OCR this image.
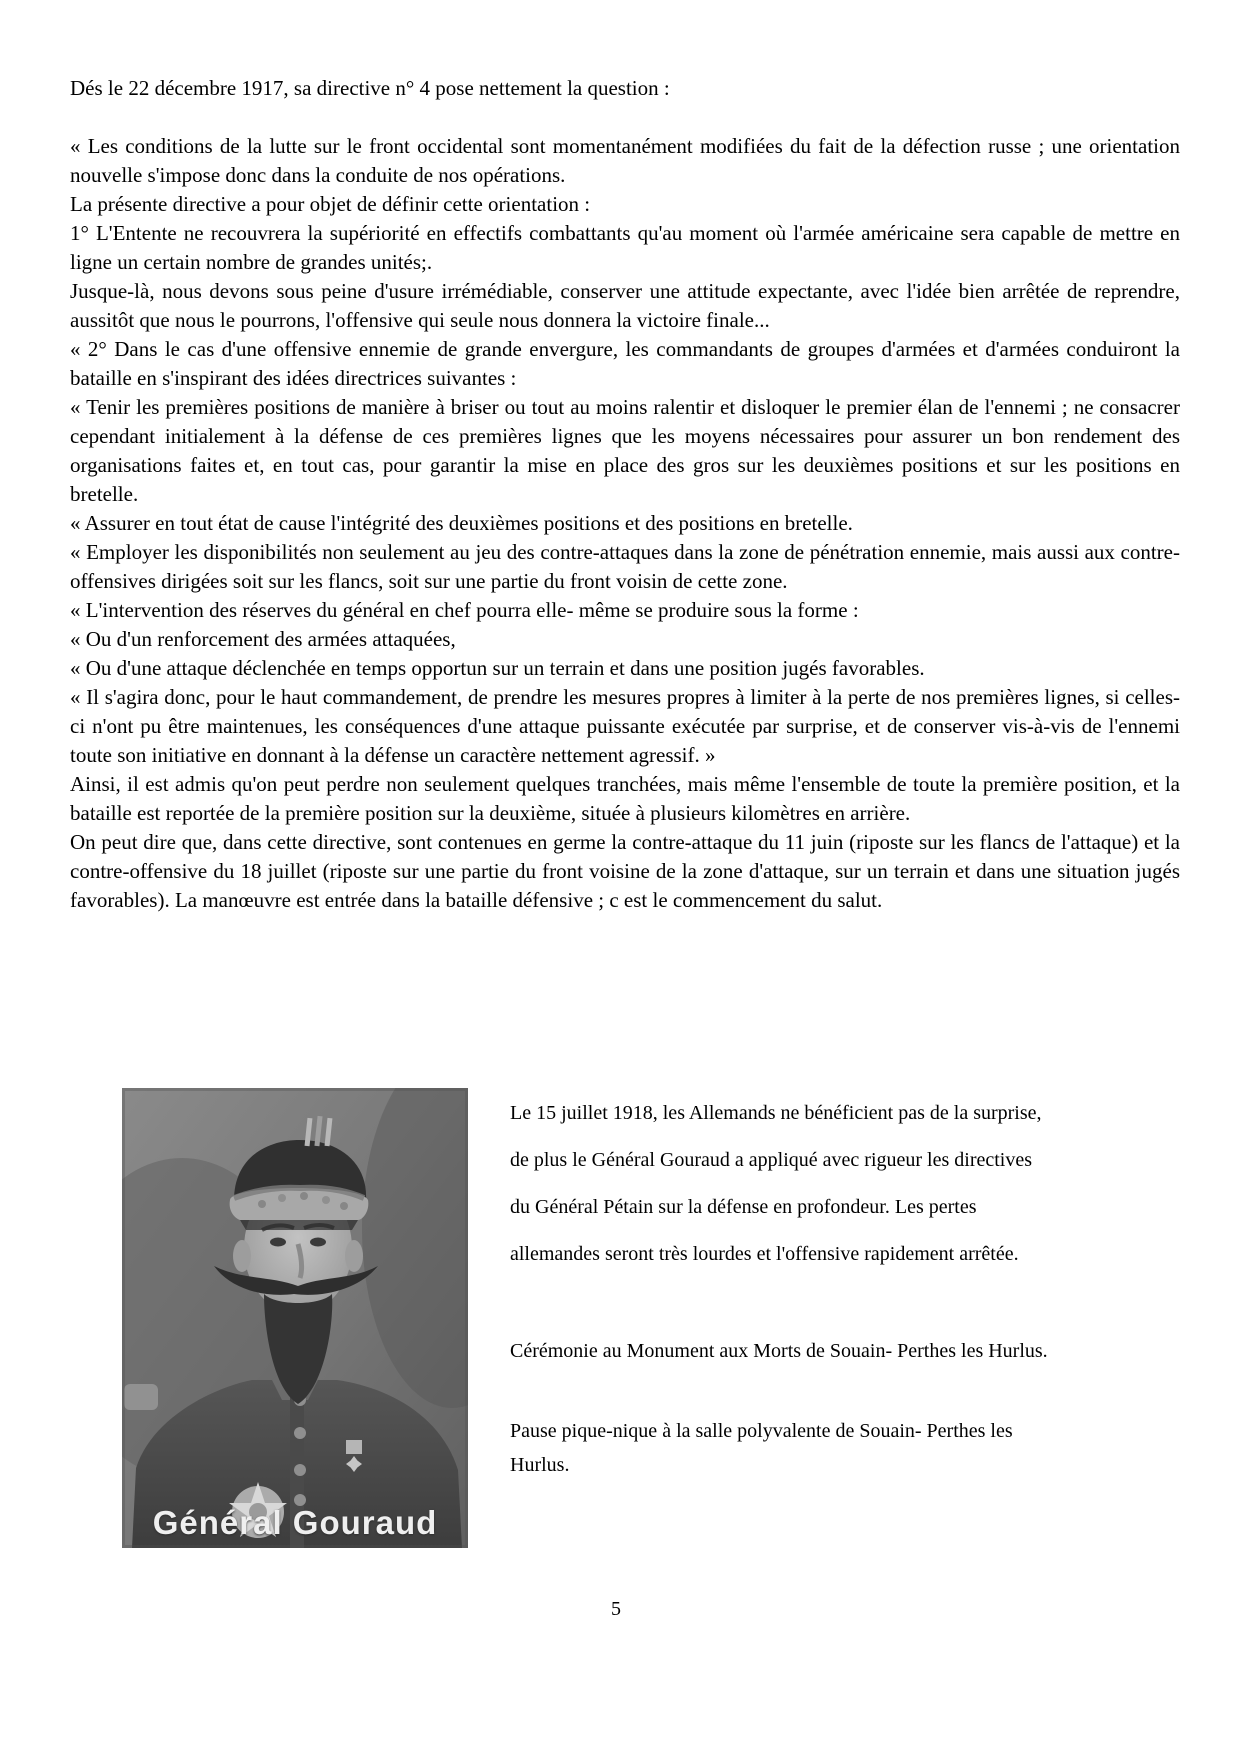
Dés le 22 décembre 1917, sa directive n° 4 pose nettement la question :

« Les conditions de la lutte sur le front occidental sont momentanément modifiées du fait de la défection russe ; une orientation nouvelle s'impose donc dans la conduite de nos opérations.

La présente directive a pour objet de définir cette orientation :

1° L'Entente ne recouvrera la supériorité en effectifs combattants qu'au moment où l'armée américaine sera capable de mettre en ligne un certain nombre de grandes unités;.

Jusque-là, nous devons sous peine d'usure irrémédiable, conserver une attitude expectante, avec l'idée bien arrêtée de reprendre, aussitôt que nous le pourrons, l'offensive qui seule nous donnera la victoire finale...

« 2° Dans le cas d'une offensive ennemie de grande envergure, les commandants de groupes d'armées et d'armées conduiront la bataille en s'inspirant des idées directrices suivantes :

« Tenir les premières positions de manière à briser ou tout au moins ralentir et disloquer le premier élan de l'ennemi ; ne consacrer cependant initialement à la défense de ces premières lignes que les moyens nécessaires pour assurer un bon rendement des organisations faites et, en tout cas, pour garantir la mise en place des gros sur les deuxièmes positions et sur les positions en bretelle.

« Assurer en tout état de cause l'intégrité des deuxièmes positions et des positions en bretelle.

« Employer les disponibilités non seulement au jeu des contre-attaques dans la zone de pénétration ennemie, mais aussi aux contre-offensives dirigées soit sur les flancs, soit sur une partie du front voisin de cette zone.

« L'intervention des réserves du général en chef pourra elle- même se produire sous la forme :

« Ou d'un renforcement des armées attaquées,

« Ou d'une attaque déclenchée en temps opportun sur un terrain et dans une position jugés favorables.

« Il s'agira donc, pour le haut commandement, de prendre les mesures propres à limiter à la perte de nos premières lignes, si celles-ci n'ont pu être maintenues, les conséquences d'une attaque puissante exécutée par surprise, et de conserver vis-à-vis de l'ennemi toute son initiative en donnant à la défense un caractère nettement agressif. »

Ainsi, il est admis qu'on peut perdre non seulement quelques tranchées, mais même l'ensemble de toute la première position, et la bataille est reportée de la première position sur la deuxième, située à plusieurs kilomètres en arrière.

On peut dire que, dans cette directive, sont contenues en germe la contre-attaque du 11 juin (riposte sur les flancs de l'attaque) et la contre-offensive du 18 juillet (riposte sur une partie du front voisine de la zone d'attaque, sur un terrain et dans une situation jugés favorables). La manœuvre est entrée dans la bataille défensive ; c est le commencement du salut.

Général Gouraud

Le 15 juillet 1918, les Allemands ne bénéficient pas de la surprise, de plus le Général Gouraud a appliqué avec rigueur les directives du Général Pétain sur la défense en profondeur. Les pertes allemandes seront très lourdes et l'offensive rapidement arrêtée.

Cérémonie au Monument aux Morts de Souain- Perthes les Hurlus.

Pause pique-nique à la salle polyvalente de Souain- Perthes les Hurlus.

5
